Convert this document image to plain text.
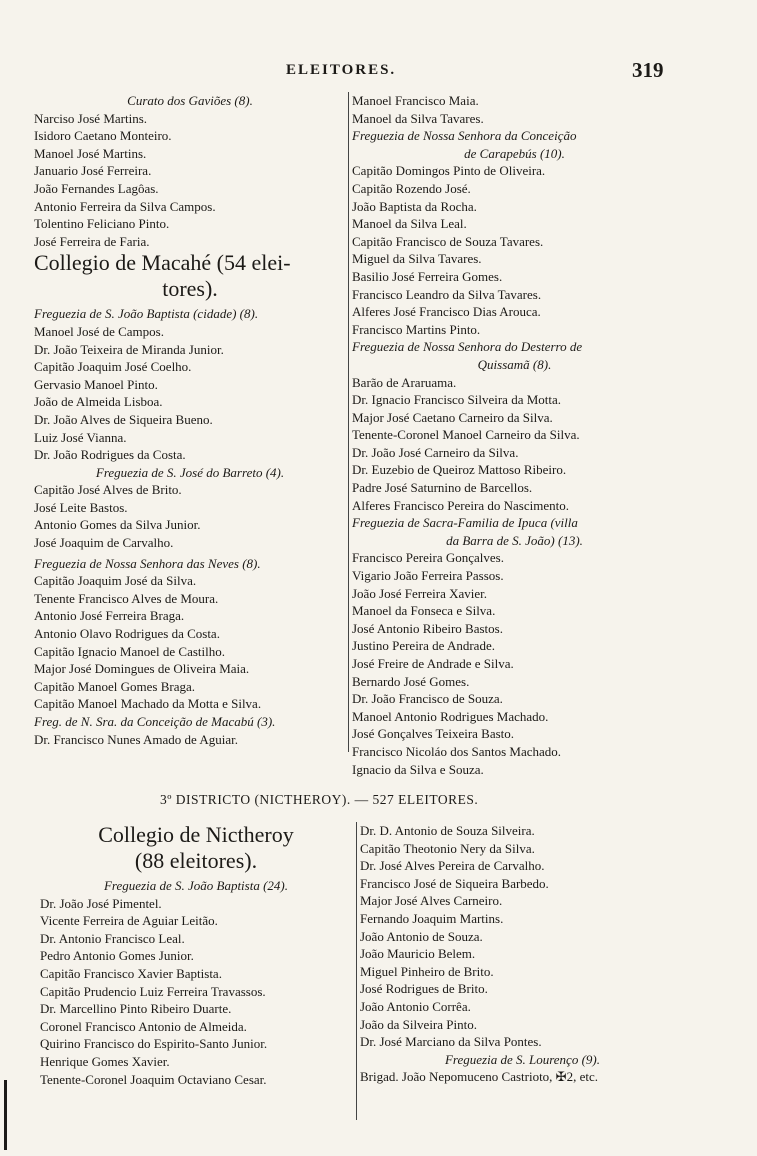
ELEITORES.	319
Curato dos Gaviões (8).
Narciso José Martins.
Isidoro Caetano Monteiro.
Manoel José Martins.
Januario José Ferreira.
João Fernandes Lagôas.
Antonio Ferreira da Silva Campos.
Tolentino Feliciano Pinto.
José Ferreira de Faria.
Collegio de Macahé (54 elei-
tores).
Freguezia de S. João Baptista (cidade) (8).
Manoel José de Campos.
Dr. João Teixeira de Miranda Junior.
Capitão Joaquim José Coelho.
Gervasio Manoel Pinto.
João de Almeida Lisboa.
Dr. João Alves de Siqueira Bueno.
Luiz José Vianna.
Dr. João Rodrigues da Costa.
Freguezia de S. José do Barreto (4).
Capitão José Alves de Brito.
José Leite Bastos.
Antonio Gomes da Silva Junior.
José Joaquim de Carvalho.
Freguezia de Nossa Senhora das Neves (8).
Capitão Joaquim José da Silva.
Tenente Francisco Alves de Moura.
Antonio José Ferreira Braga.
Antonio Olavo Rodrigues da Costa.
Capitão Ignacio Manoel de Castilho.
Major José Domingues de Oliveira Maia.
Capitão Manoel Gomes Braga.
Capitão Manoel Machado da Motta e Silva.
Freg. de N. Sra. da Conceição de Macabú (3).
Dr. Francisco Nunes Amado de Aguiar.
Manoel Francisco Maia.
Manoel da Silva Tavares.
Freguezia de Nossa Senhora da Conceição
de Carapebús (10).
Capitão Domingos Pinto de Oliveira.
Capitão Rozendo José.
João Baptista da Rocha.
Manoel da Silva Leal.
Capitão Francisco de Souza Tavares.
Miguel da Silva Tavares.
Basilio José Ferreira Gomes.
Francisco Leandro da Silva Tavares.
Alferes José Francisco Dias Arouca.
Francisco Martins Pinto.
Freguezia de Nossa Senhora do Desterro de
Quissamã (8).
Barão de Araruama.
Dr. Ignacio Francisco Silveira da Motta.
Major José Caetano Carneiro da Silva.
Tenente-Coronel Manoel Carneiro da Silva.
Dr. João José Carneiro da Silva.
Dr. Euzebio de Queiroz Mattoso Ribeiro.
Padre José Saturnino de Barcellos.
Alferes Francisco Pereira do Nascimento.
Freguezia de Sacra-Familia de Ipuca (villa
da Barra de S. João) (13).
Francisco Pereira Gonçalves.
Vigario João Ferreira Passos.
João José Ferreira Xavier.
Manoel da Fonseca e Silva.
José Antonio Ribeiro Bastos.
Justino Pereira de Andrade.
José Freire de Andrade e Silva.
Bernardo José Gomes.
Dr. João Francisco de Souza.
Manoel Antonio Rodrigues Machado.
José Gonçalves Teixeira Basto.
Francisco Nicoláo dos Santos Machado.
Ignacio da Silva e Souza.
3º DISTRICTO (NICTHEROY). — 527 ELEITORES.
Collegio de Nictheroy
(88 eleitores).
Freguezia de S. João Baptista (24).
Dr. João José Pimentel.
Vicente Ferreira de Aguiar Leitão.
Dr. Antonio Francisco Leal.
Pedro Antonio Gomes Junior.
Capitão Francisco Xavier Baptista.
Capitão Prudencio Luiz Ferreira Travassos.
Dr. Marcellino Pinto Ribeiro Duarte.
Coronel Francisco Antonio de Almeida.
Quirino Francisco do Espirito-Santo Junior.
Henrique Gomes Xavier.
Tenente-Coronel Joaquim Octaviano Cesar.
Dr. D. Antonio de Souza Silveira.
Capitão Theotonio Nery da Silva.
Dr. José Alves Pereira de Carvalho.
Francisco José de Siqueira Barbedo.
Major José Alves Carneiro.
Fernando Joaquim Martins.
João Antonio de Souza.
João Mauricio Belem.
Miguel Pinheiro de Brito.
José Rodrigues de Brito.
João Antonio Corrêa.
João da Silveira Pinto.
Dr. José Marciano da Silva Pontes.
Freguezia de S. Lourenço (9).
Brigad. João Nepomuceno Castrioto, ✠2, etc.
